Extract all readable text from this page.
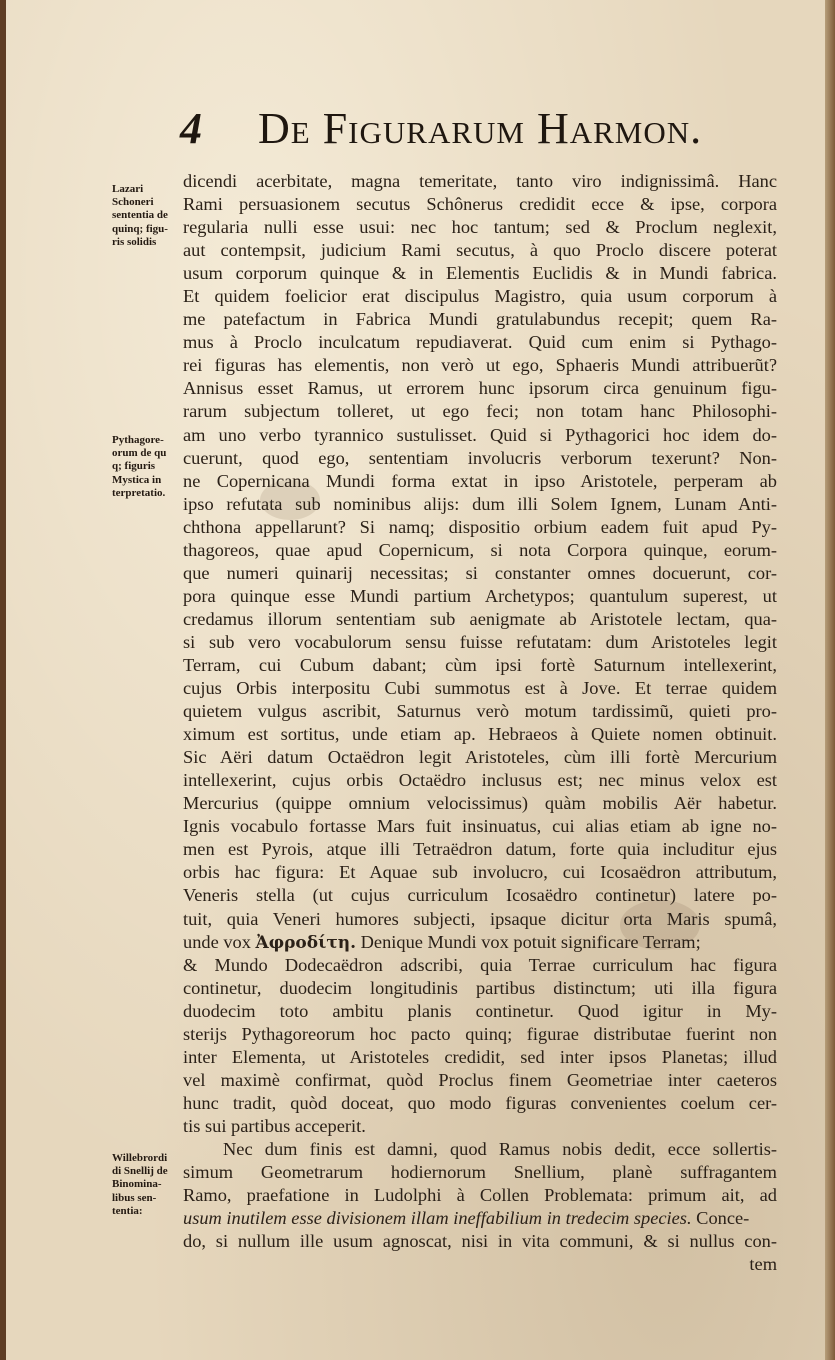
4 De Figurarum Harmon.
Lazari
Schoneri
sententia de
quinq; figu-
ris solidis
Pythagore-
orum de qu
q; figuris
Mystica in
terpretatio.
Willebrordi
di Snellij de
Binomina-
libus sen-
tentia:
dicendi acerbitate, magna temeritate, tanto viro indignissimâ. Hanc
Rami persuasionem secutus Schônerus credidit ecce & ipse, corpora
regularia nulli esse usui: nec hoc tantum; sed & Proclum neglexit,
aut contempsit, judicium Rami secutus, à quo Proclo discere poterat
usum corporum quinque & in Elementis Euclidis & in Mundi fabrica.
Et quidem foelicior erat discipulus Magistro, quia usum corporum à
me patefactum in Fabrica Mundi gratulabundus recepit; quem Ra-
mus à Proclo inculcatum repudiaverat. Quid cum enim si Pythago-
rei figuras has elementis, non verò ut ego, Sphaeris Mundi attribuerũt?
Annisus esset Ramus, ut errorem hunc ipsorum circa genuinum figu-
rarum subjectum tolleret, ut ego feci; non totam hanc Philosophi-
am uno verbo tyrannico sustulisset. Quid si Pythagorici hoc idem do-
cuerunt, quod ego, sententiam involucris verborum texerunt? Non-
ne Copernicana Mundi forma extat in ipso Aristotele, perperam ab
ipso refutata sub nominibus alijs: dum illi Solem Ignem, Lunam Anti-
chthona appellarunt? Si namq; dispositio orbium eadem fuit apud Py-
thagoreos, quae apud Copernicum, si nota Corpora quinque, eorum-
que numeri quinarij necessitas; si constanter omnes docuerunt, cor-
pora quinque esse Mundi partium Archetypos; quantulum superest, ut
credamus illorum sententiam sub aenigmate ab Aristotele lectam, qua-
si sub vero vocabulorum sensu fuisse refutatam: dum Aristoteles legit
Terram, cui Cubum dabant; cùm ipsi fortè Saturnum intellexerint,
cujus Orbis interpositu Cubi summotus est à Jove. Et terrae quidem
quietem vulgus ascribit, Saturnus verò motum tardissimũ, quieti pro-
ximum est sortitus, unde etiam ap. Hebraeos à Quiete nomen obtinuit.
Sic Aëri datum Octaëdron legit Aristoteles, cùm illi fortè Mercurium
intellexerint, cujus orbis Octaëdro inclusus est; nec minus velox est
Mercurius (quippe omnium velocissimus) quàm mobilis Aër habetur.
Ignis vocabulo fortasse Mars fuit insinuatus, cui alias etiam ab igne no-
men est Pyrois, atque illi Tetraëdron datum, forte quia includitur ejus
orbis hac figura: Et Aquae sub involucro, cui Icosaëdron attributum,
Veneris stella (ut cujus curriculum Icosaëdro continetur) latere po-
tuit, quia Veneri humores subjecti, ipsaque dicitur orta Maris spumâ,
unde vox Ἀφροδίτη. Denique Mundi vox potuit significare Terram;
& Mundo Dodecaëdron adscribi, quia Terrae curriculum hac figura
continetur, duodecim longitudinis partibus distinctum; uti illa figura
duodecim toto ambitu planis continetur. Quod igitur in My-
sterijs Pythagoreorum hoc pacto quinq; figurae distributae fuerint non
inter Elementa, ut Aristoteles credidit, sed inter ipsos Planetas; illud
vel maximè confirmat, quòd Proclus finem Geometriae inter caeteros
hunc tradit, quòd doceat, quo modo figuras convenientes coelum cer-
tis sui partibus acceperit.
Nec dum finis est damni, quod Ramus nobis dedit, ecce sollertis-
simum Geometrarum hodiernorum Snellium, planè suffragantem
Ramo, praefatione in Ludolphi à Collen Problemata: primum ait, ad
usum inutilem esse divisionem illam ineffabilium in tredecim species. Conce-
do, si nullum ille usum agnoscat, nisi in vita communi, & si nullus con-
tem
